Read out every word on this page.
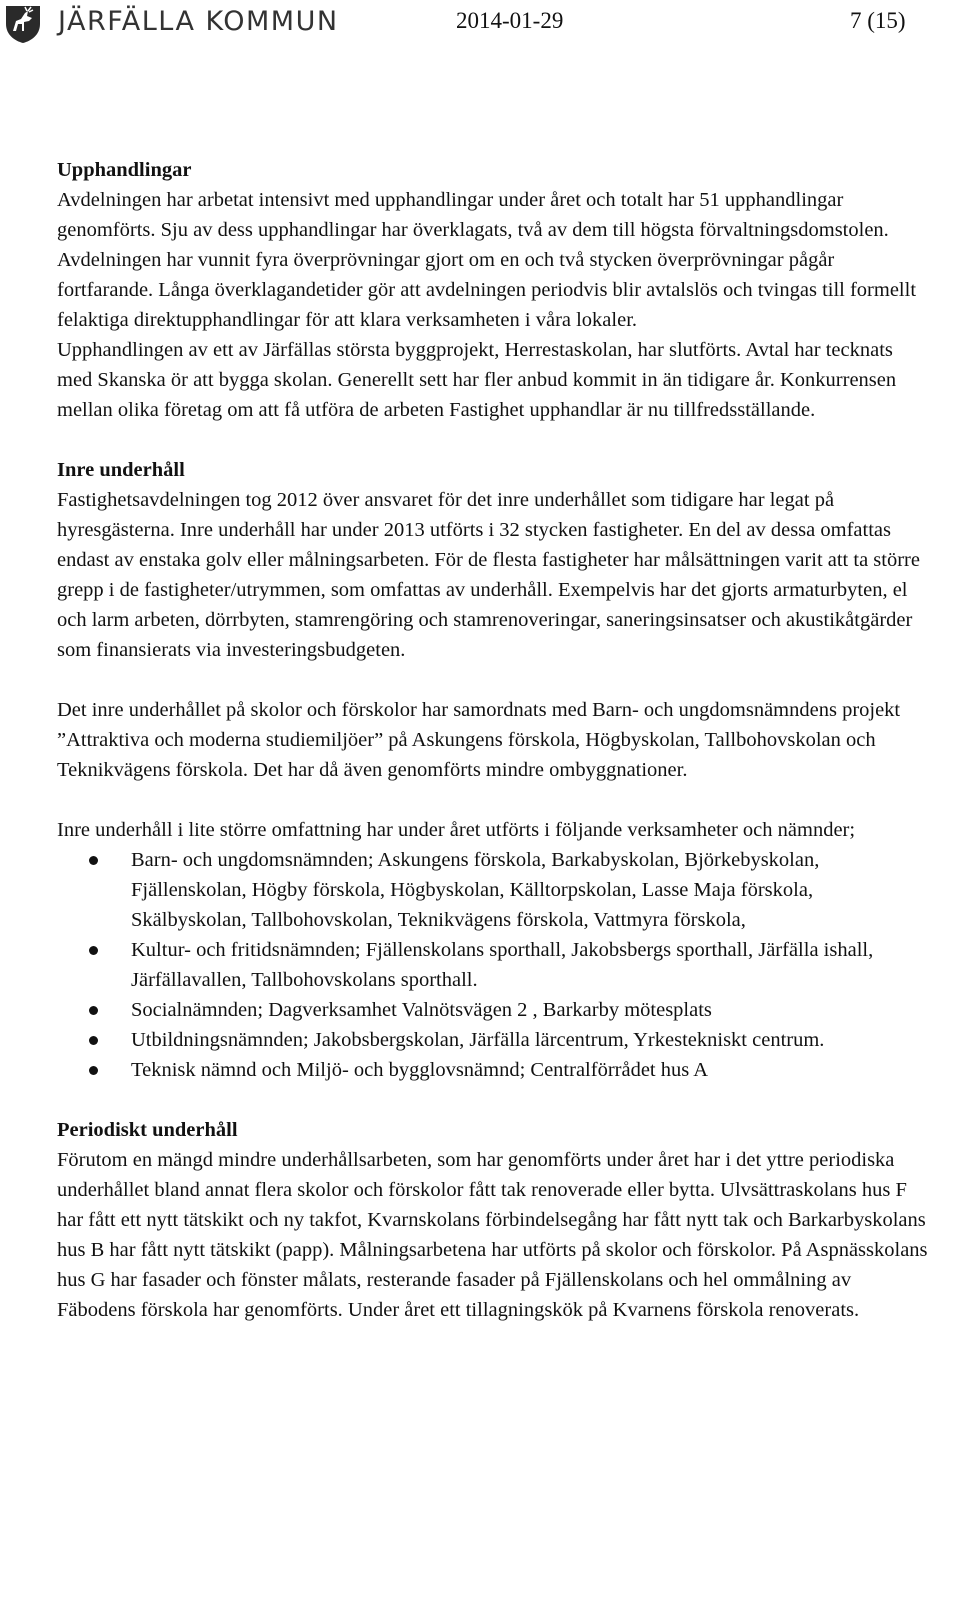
JÄRFÄLLA KOMMUN	2014-01-29	7 (15)

Upphandlingar

Avdelningen har arbetat intensivt med upphandlingar under året och totalt har 51 upphandlingar genomförts. Sju av dess upphandlingar har överklagats, två av dem till högsta förvaltningsdomstolen. Avdelningen har vunnit fyra överprövningar gjort om en och två stycken överprövningar pågår fortfarande. Långa överklagandetider gör att avdelningen periodvis blir avtalslös och tvingas till formellt felaktiga direktupphandlingar för att klara verksamheten i våra lokaler.

Upphandlingen av ett av Järfällas största byggprojekt, Herrestaskolan, har slutförts. Avtal har tecknats med Skanska ör att bygga skolan. Generellt sett har fler anbud kommit in än tidigare år. Konkurrensen mellan olika företag om att få utföra de arbeten Fastighet upphandlar är nu tillfredsställande.

Inre underhåll

Fastighetsavdelningen tog 2012 över ansvaret för det inre underhållet som tidigare har legat på hyresgästerna. Inre underhåll har under 2013 utförts i 32 stycken fastigheter. En del av dessa omfattas endast av enstaka golv eller målningsarbeten. För de flesta fastigheter har målsättningen varit att ta större grepp i de fastigheter/utrymmen, som omfattas av underhåll. Exempelvis har det gjorts armaturbyten, el och larm arbeten, dörrbyten, stamrengöring och stamrenoveringar, saneringsinsatser och akustikåtgärder som finansierats via investeringsbudgeten.

Det inre underhållet på skolor och förskolor har samordnats med Barn- och ungdomsnämndens projekt ”Attraktiva och moderna studiemiljöer” på Askungens förskola, Högbyskolan, Tallbohovskolan och Teknikvägens förskola. Det har då även genomförts mindre ombyggnationer.

Inre underhåll i lite större omfattning har under året utförts i följande verksamheter och nämnder;

Barn- och ungdomsnämnden; Askungens förskola, Barkabyskolan, Björkebyskolan, Fjällenskolan, Högby förskola, Högbyskolan, Källtorpskolan, Lasse Maja förskola, Skälbyskolan, Tallbohovskolan, Teknikvägens förskola, Vattmyra förskola,
Kultur- och fritidsnämnden; Fjällenskolans sporthall, Jakobsbergs sporthall, Järfälla ishall, Järfällavallen, Tallbohovskolans sporthall.
Socialnämnden; Dagverksamhet Valnötsvägen 2 , Barkarby mötesplats
Utbildningsnämnden; Jakobsbergskolan, Järfälla lärcentrum, Yrkestekniskt centrum.
Teknisk nämnd och Miljö- och bygglovsnämnd; Centralförrådet hus A

Periodiskt underhåll

Förutom en mängd mindre underhållsarbeten, som har genomförts under året har i det yttre periodiska underhållet bland annat flera skolor och förskolor fått tak renoverade eller bytta. Ulvsättraskolans hus F har fått ett nytt tätskikt och ny takfot, Kvarnskolans förbindelsegång har fått nytt tak och Barkarbyskolans hus B har fått nytt tätskikt (papp). Målningsarbetena har utförts på skolor och förskolor. På Aspnässkolans hus G har fasader och fönster målats, resterande fasader på Fjällenskolans och hel ommålning av Fäbodens förskola har genomförts. Under året ett tillagningskök på Kvarnens förskola renoverats.
